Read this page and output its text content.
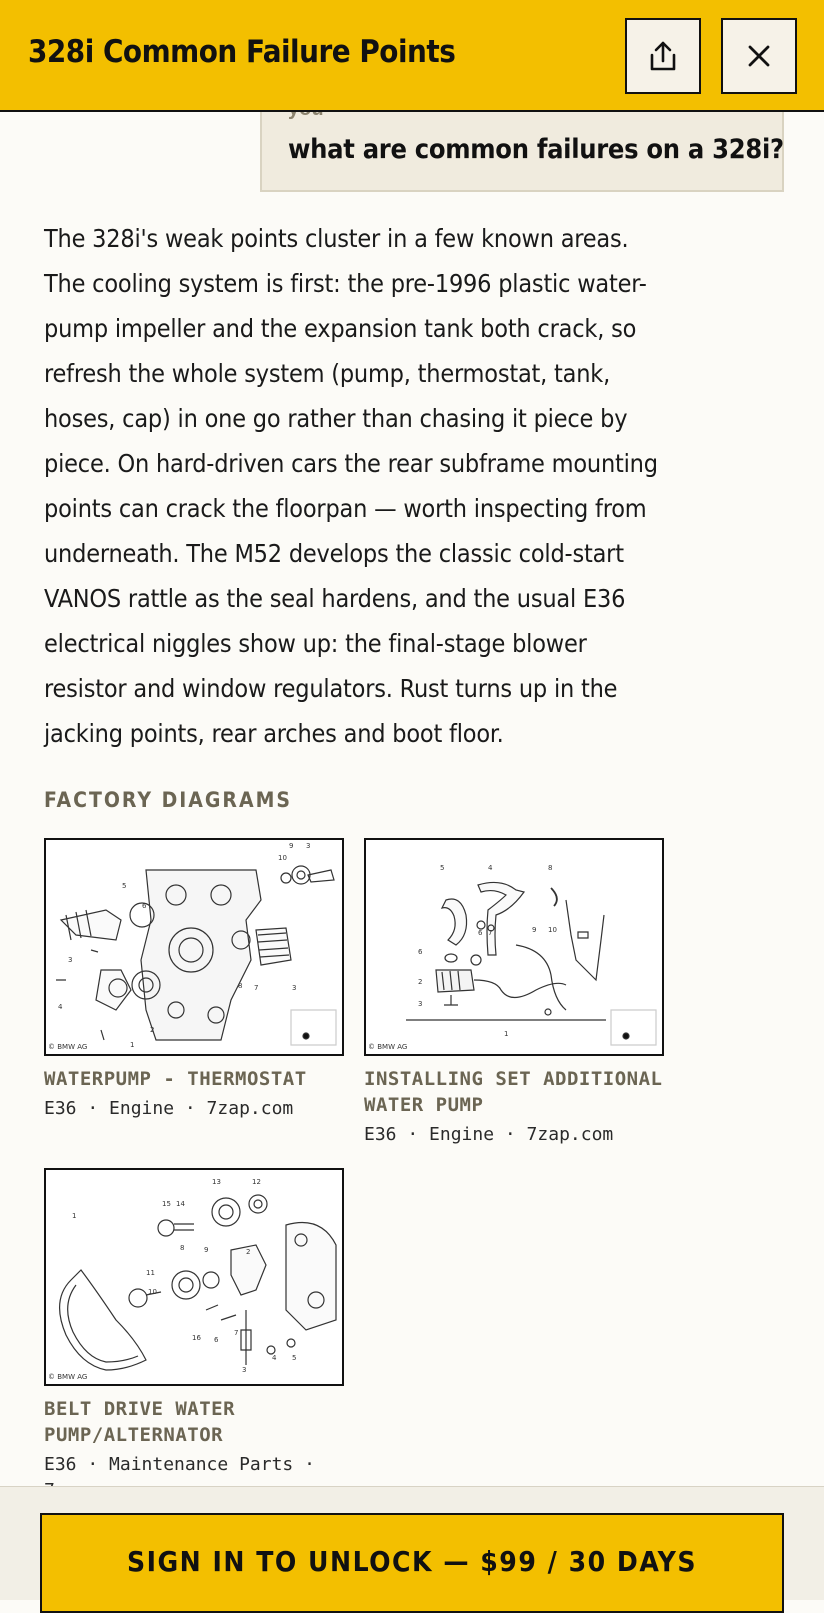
328i Common Failure Points
what are common failures on a 328i?
The 328i's weak points cluster in a few known areas.
The cooling system is first: the pre-1996 plastic water-
pump impeller and the expansion tank both crack, so
refresh the whole system (pump, thermostat, tank,
hoses, cap) in one go rather than chasing it piece by
piece. On hard-driven cars the rear subframe mounting
points can crack the floorpan — worth inspecting from
underneath. The M52 develops the classic cold-start
VANOS rattle as the seal hardens, and the usual E36
electrical niggles show up: the final-stage blower
resistor and window regulators. Rust turns up in the
jacking points, rear arches and boot floor.
FACTORY DIAGRAMS
5
6
3
4
1
2
8 7	3
9 3
10
© BMW AG
WATERPUMP - THERMOSTAT
E36 · Engine · 7zap.com
5	4	8
6 7	9 10
6
2
3
1
© BMW AG
INSTALLING SET ADDITIONAL WATER PUMP
E36 · Engine · 7zap.com
1
15 14
13	12
8	9	2
11
10
16 6
7
4 5
3
© BMW AG
BELT DRIVE WATER PUMP/ALTERNATOR
E36 · Maintenance Parts ·
SIGN IN TO UNLOCK — $99 / 30 DAYS
